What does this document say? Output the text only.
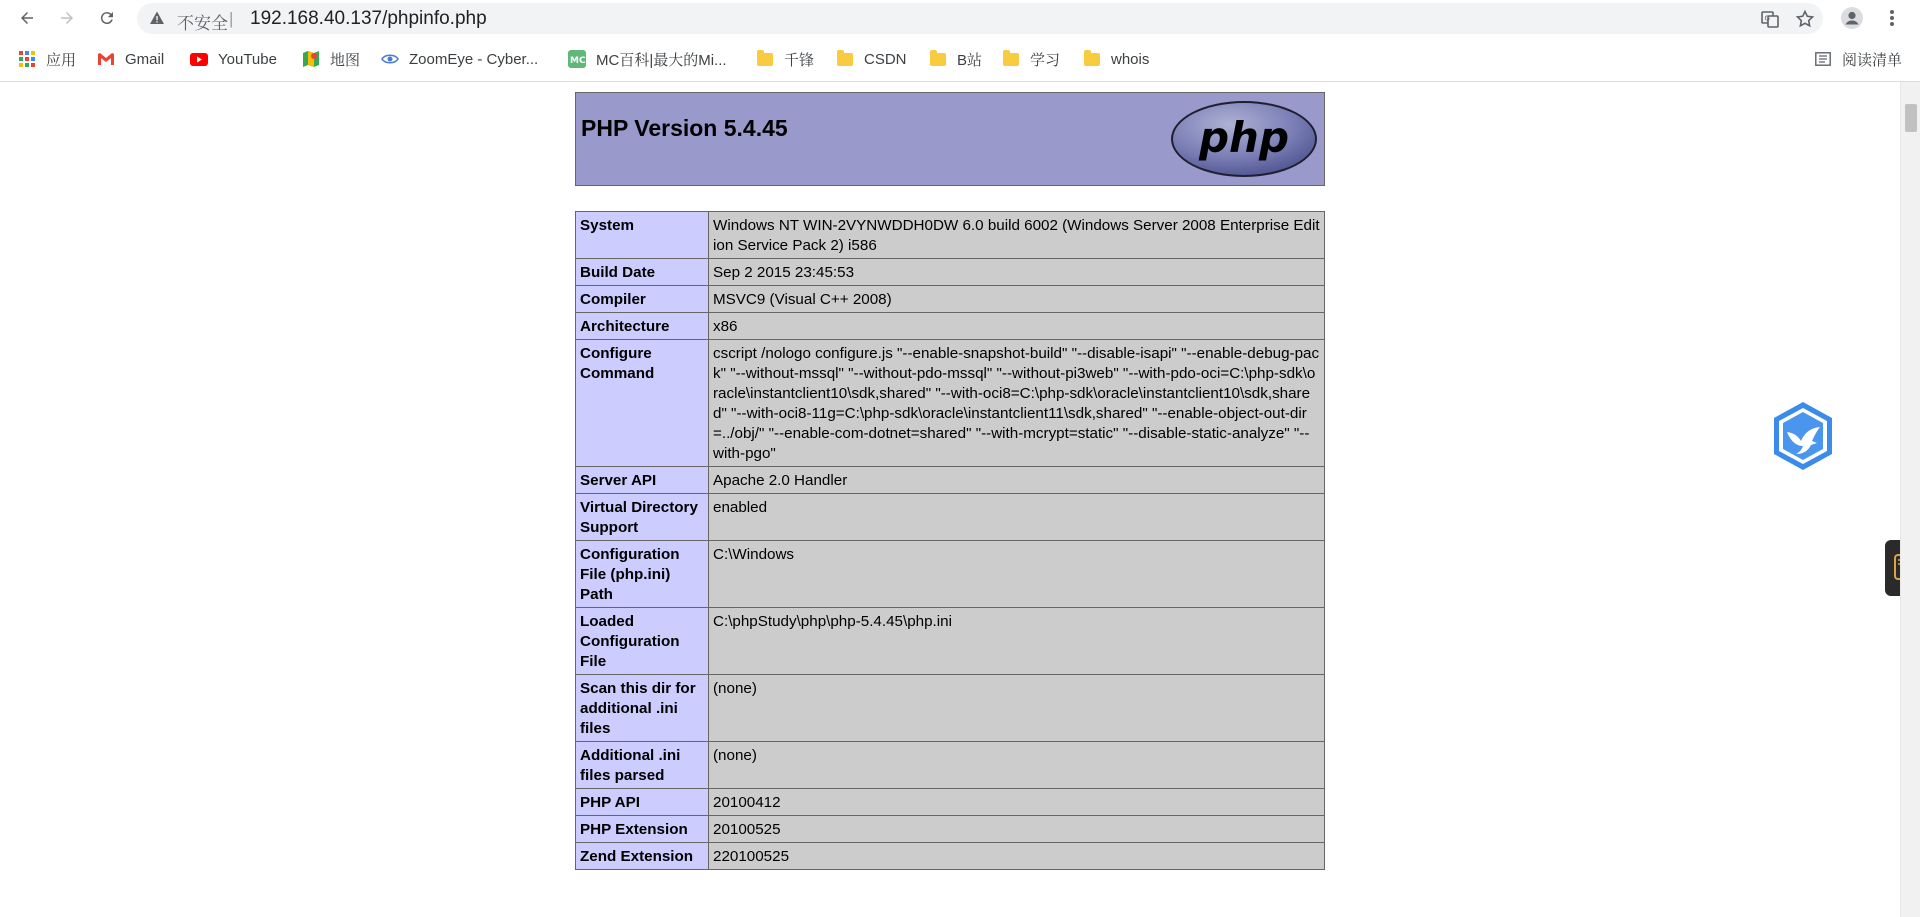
不安全 | 192.168.40.137/phpinfo.php	G
应用	Gmail	YouTube	地图	ZoomEye - Cyber...	MC MC百科|最大的Mi...	千锋	CSDN	B站	学习	whois	阅读清单
PHP Version 5.4.45	php
System	Windows NT WIN-2VYNWDDH0DW 6.0 build 6002 (Windows Server 2008 Enterprise Edition Service Pack 2) i586
Build Date	Sep 2 2015 23:45:53
Compiler	MSVC9 (Visual C++ 2008)
Architecture	x86
Configure Command	cscript /nologo configure.js "--enable-snapshot-build" "--disable-isapi" "--enable-debug-pack" "--without-mssql" "--without-pdo-mssql" "--without-pi3web" "--with-pdo-oci=C:\php-sdk\oracle\instantclient10\sdk,shared" "--with-oci8=C:\php-sdk\oracle\instantclient10\sdk,shared" "--with-oci8-11g=C:\php-sdk\oracle\instantclient11\sdk,shared" "--enable-object-out-dir=../obj/" "--enable-com-dotnet=shared" "--with-mcrypt=static" "--disable-static-analyze" "--with-pgo"
Server API	Apache 2.0 Handler
Virtual Directory Support	enabled
Configuration File (php.ini) Path	C:\Windows
Loaded Configuration File	C:\phpStudy\php\php-5.4.45\php.ini
Scan this dir for additional .ini files	(none)
Additional .ini files parsed	(none)
PHP API	20100412
PHP Extension	20100525
Zend Extension	220100525
